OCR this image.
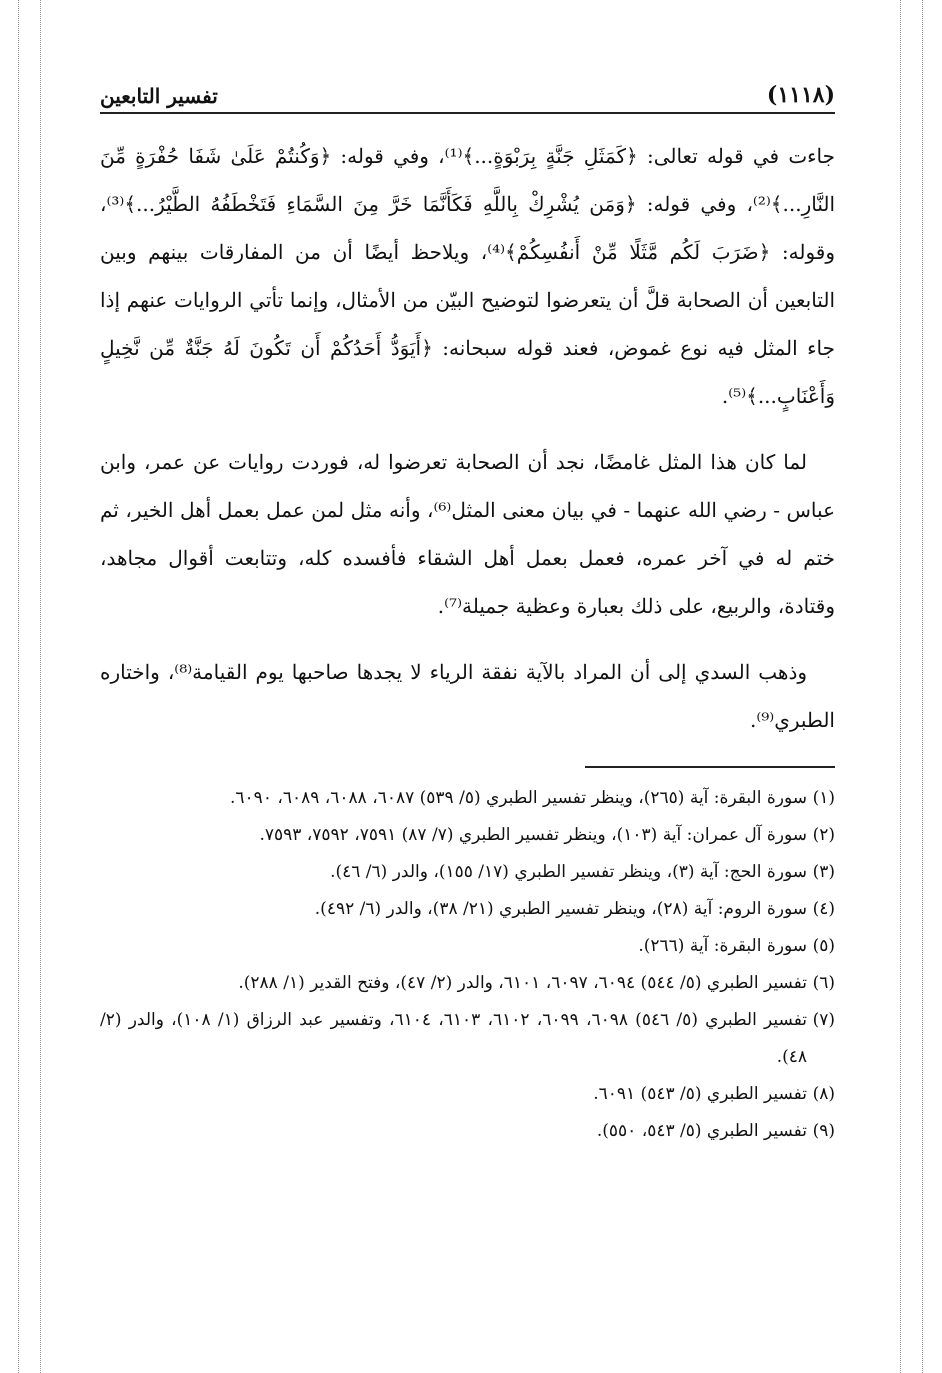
(١١١٨)
تفسير التابعين

جاءت في قوله تعالى: ﴿كَمَثَلِ جَنَّةٍ بِرَبْوَةٍ...﴾⁽¹⁾، وفي قوله: ﴿وَكُنتُمْ عَلَىٰ شَفَا حُفْرَةٍ مِّنَ النَّارِ...﴾⁽²⁾، وفي قوله: ﴿وَمَن يُشْرِكْ بِاللَّهِ فَكَأَنَّمَا خَرَّ مِنَ السَّمَاءِ فَتَخْطَفُهُ الطَّيْرُ...﴾⁽³⁾، وقوله: ﴿ضَرَبَ لَكُم مَّثَلًا مِّنْ أَنفُسِكُمْ﴾⁽⁴⁾، ويلاحظ أيضًا أن من المفارقات بينهم وبين التابعين أن الصحابة قلَّ أن يتعرضوا لتوضيح البيّن من الأمثال، وإنما تأتي الروايات عنهم إذا جاء المثل فيه نوع غموض، فعند قوله سبحانه: ﴿أَيَوَدُّ أَحَدُكُمْ أَن تَكُونَ لَهُ جَنَّةٌ مِّن نَّخِيلٍ وَأَعْنَابٍ...﴾⁽⁵⁾.

لما كان هذا المثل غامضًا، نجد أن الصحابة تعرضوا له، فوردت روايات عن عمر، وابن عباس - رضي الله عنهما - في بيان معنى المثل⁽⁶⁾، وأنه مثل لمن عمل بعمل أهل الخير، ثم ختم له في آخر عمره، فعمل بعمل أهل الشقاء فأفسده كله، وتتابعت أقوال مجاهد، وقتادة، والربيع، على ذلك بعبارة وعظية جميلة⁽⁷⁾.

وذهب السدي إلى أن المراد بالآية نفقة الرياء لا يجدها صاحبها يوم القيامة⁽⁸⁾، واختاره الطبري⁽⁹⁾.

(١)
سورة البقرة: آية (٢٦٥)، وينظر تفسير الطبري (٥/ ٥٣٩) ٦٠٨٧، ٦٠٨٨، ٦٠٨٩، ٦٠٩٠.
(٢)
سورة آل عمران: آية (١٠٣)، وينظر تفسير الطبري (٧/ ٨٧) ٧٥٩١، ٧٥٩٢، ٧٥٩٣.
(٣)
سورة الحج: آية (٣)، وينظر تفسير الطبري (١٧/ ١٥٥)، والدر (٦/ ٤٦).
(٤)
سورة الروم: آية (٢٨)، وينظر تفسير الطبري (٢١/ ٣٨)، والدر (٦/ ٤٩٢).
(٥)
سورة البقرة: آية (٢٦٦).
(٦)
تفسير الطبري (٥/ ٥٤٤) ٦٠٩٤، ٦٠٩٧، ٦١٠١، والدر (٢/ ٤٧)، وفتح القدير (١/ ٢٨٨).
(٧)
تفسير الطبري (٥/ ٥٤٦) ٦٠٩٨، ٦٠٩٩، ٦١٠٢، ٦١٠٣، ٦١٠٤، وتفسير عبد الرزاق (١/ ١٠٨)، والدر (٢/ ٤٨).
(٨)
تفسير الطبري (٥/ ٥٤٣) ٦٠٩١.
(٩)
تفسير الطبري (٥/ ٥٤٣، ٥٥٠).
